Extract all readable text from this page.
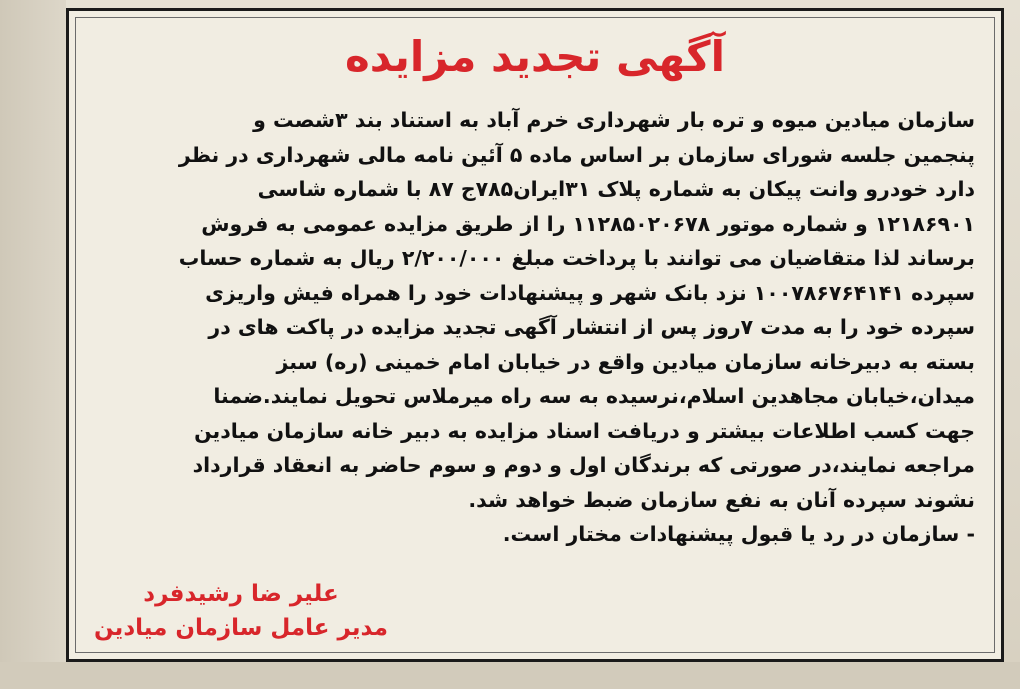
آگهی تجدید مزایده
سازمان میادین میوه و تره بار شهرداری خرم آباد به استناد بند ۳شصت و
پنجمین جلسه شورای سازمان بر اساس ماده ۵ آئین نامه مالی شهرداری در نظر
دارد خودرو وانت پیکان به شماره پلاک ۳۱ایران۷۸۵ج ۸۷ با شماره شاسی
۱۲۱۸۶۹۰۱ و شماره موتور ۱۱۲۸۵۰۲۰۶۷۸ را از طریق مزایده عمومی به فروش
برساند لذا متقاضیان می توانند با پرداخت مبلغ ۲/۲۰۰/۰۰۰ ریال به شماره حساب
سپرده ۱۰۰۷۸۶۷۶۴۱۴۱ نزد بانک شهر و پیشنهادات خود را همراه فیش واریزی
سپرده خود را به مدت ۷روز پس از انتشار آگهی تجدید مزایده در پاکت های در
بسته به دبیرخانه سازمان میادین واقع در خیابان امام خمینی (ره) سبز
میدان،خیابان مجاهدین اسلام،نرسیده به سه راه میرملاس تحویل نمایند.ضمنا
جهت کسب اطلاعات بیشتر و دریافت اسناد مزایده به دبیر خانه سازمان میادین
مراجعه نمایند،در صورتی که برندگان اول و دوم و سوم حاضر به انعقاد قرارداد
نشوند سپرده آنان به نفع سازمان ضبط خواهد شد.
- سازمان در رد یا قبول پیشنهادات مختار است.
علیر ضا رشیدفرد
مدیر عامل سازمان میادین
